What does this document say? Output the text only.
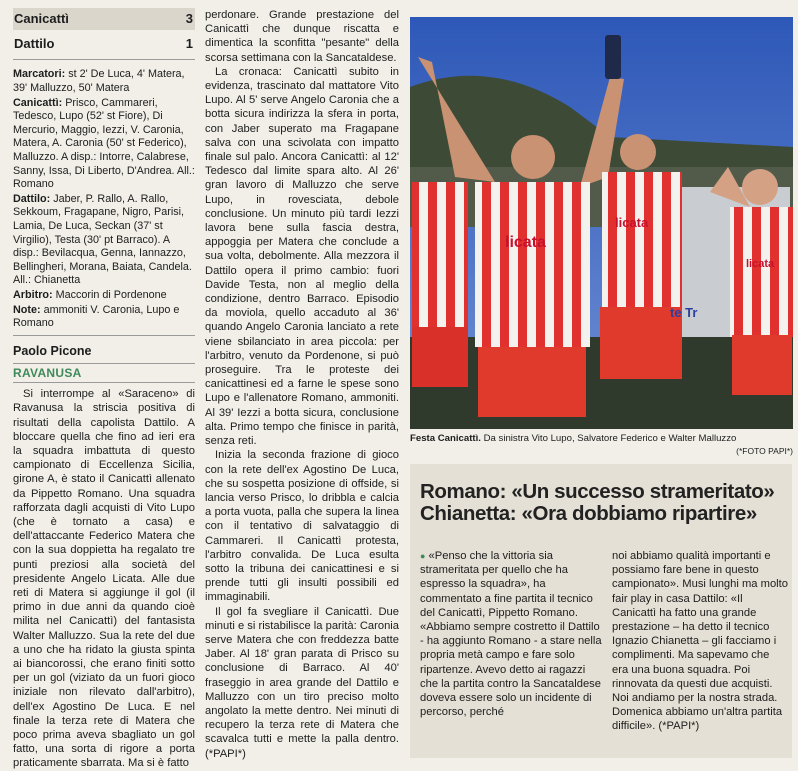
Canicattì	3
Dattilo	1
Marcatori: st 2' De Luca, 4' Matera, 39' Malluzzo, 50' Matera
Canicattì: Prisco, Cammareri, Tedesco, Lupo (52' st Fiore), Di Mercurio, Maggio, Iezzi, V. Caronia, Matera, A. Caronia (50' st Federico), Malluzzo. A disp.: Intorre, Calabrese, Sanny, Issa, Di Liberto, D'Andrea. All.: Romano
Dattilo: Jaber, P. Rallo, A. Rallo, Sekkoum, Fragapane, Nigro, Parisi, Lamia, De Luca, Seckan (37' st Virgilio), Testa (30' pt Barraco). A disp.: Bevilacqua, Genna, Iannazzo, Bellingheri, Morana, Baiata, Candela. All.: Chianetta
Arbitro: Maccorin di Pordenone
Note: ammoniti V. Caronia, Lupo e Romano
Paolo Picone
RAVANUSA

Si interrompe al «Saraceno» di Ravanusa la striscia positiva di risultati della capolista Dattilo. A bloccare quella che fino ad ieri era la squadra imbattuta di questo campionato di Eccellenza Sicilia, girone A, è stato il Canicattì allenato da Pippetto Romano. Una squadra rafforzata dagli acquisti di Vito Lupo (che è tornato a casa) e dell'attaccante Federico Matera che con la sua doppietta ha regalato tre punti preziosi alla società del presidente Angelo Licata. Alle due reti di Matera si aggiunge il gol (il primo in due anni da quando cioè milita nel Canicattì) del fantasista Walter Malluzzo. Sua la rete del due a uno che ha ridato la giusta spinta ai biancorossi, che erano finiti sotto per un gol (viziato da un fuori gioco iniziale non rilevato dall'arbitro), dell'ex Agostino De Luca. E nel finale la terza rete di Matera che poco prima aveva sbagliato un gol fatto, una sorta di rigore a porta praticamente sbarrata. Ma si è fatto

perdonare. Grande prestazione del Canicattì che dunque riscatta e dimentica la sconfitta "pesante" della scorsa settimana con la Sancataldese.

La cronaca: Canicattì subito in evidenza, trascinato dal mattatore Vito Lupo. Al 5' serve Angelo Caronia che a botta sicura indirizza la sfera in porta, con Jaber superato ma Fragapane salva con una scivolata con impatto finale sul palo. Ancora Canicattì: al 12' Tedesco dal limite spara alto. Al 26' gran lavoro di Malluzzo che serve Lupo, in rovesciata, debole conclusione. Un minuto più tardi Iezzi lavora bene sulla fascia destra, appoggia per Matera che conclude a sua volta, debolmente. Alla mezzora il Dattilo opera il primo cambio: fuori Davide Testa, non al meglio della condizione, dentro Barraco. Episodio da moviola, quello accaduto al 36' quando Angelo Caronia lanciato a rete viene sbilanciato in area piccola: per l'arbitro, venuto da Pordenone, si può proseguire. Tra le proteste dei canicattinesi ed a farne le spese sono Lupo e l'allenatore Romano, ammoniti. Al 39' Iezzi a botta sicura, conclusione alta. Primo tempo che finisce in parità, senza reti.

Inizia la seconda frazione di gioco con la rete dell'ex Agostino De Luca, che su sospetta posizione di offside, si lancia verso Prisco, lo dribbla e calcia a porta vuota, palla che supera la linea con il tentativo di salvataggio di Cammareri. Il Canicattì protesta, l'arbitro convalida. De Luca esulta sotto la tribuna dei canicattinesi e si prende tutti gli insulti possibili ed immaginabili.

Il gol fa svegliare il Canicattì. Due minuti e si ristabilisce la parità: Caronia serve Matera che con freddezza batte Jaber. Al 18' gran parata di Prisco su conclusione di Barraco. Al 40' fraseggio in area grande del Dattilo e Malluzzo con un tiro preciso molto angolato la mette dentro. Nei minuti di recupero la terza rete di Matera che scavalca tutti e mette la palla dentro. (*PAPI*)

licata
licata
licata
te Tr
Festa Canicattì. Da sinistra Vito Lupo, Salvatore Federico e Walter Malluzzo
(*FOTO PAPI*)
Romano: «Un successo strameritato»
Chianetta: «Ora dobbiamo ripartire»
● «Penso che la vittoria sia strameritata per quello che ha espresso la squadra», ha commentato a fine partita il tecnico del Canicattì, Pippetto Romano. «Abbiamo sempre costretto il Dattilo - ha aggiunto Romano - a stare nella propria metà campo e fare solo ripartenze. Avevo detto ai ragazzi che la partita contro la Sancataldese doveva essere solo un incidente di percorso, perché
noi abbiamo qualità importanti e possiamo fare bene in questo campionato». Musi lunghi ma molto fair play in casa Dattilo: «Il Canicattì ha fatto una grande prestazione – ha detto il tecnico Ignazio Chianetta – gli facciamo i complimenti. Ma sapevamo che era una buona squadra. Poi rinnovata da questi due acquisti. Noi andiamo per la nostra strada. Domenica abbiamo un'altra partita difficile». (*PAPI*)
